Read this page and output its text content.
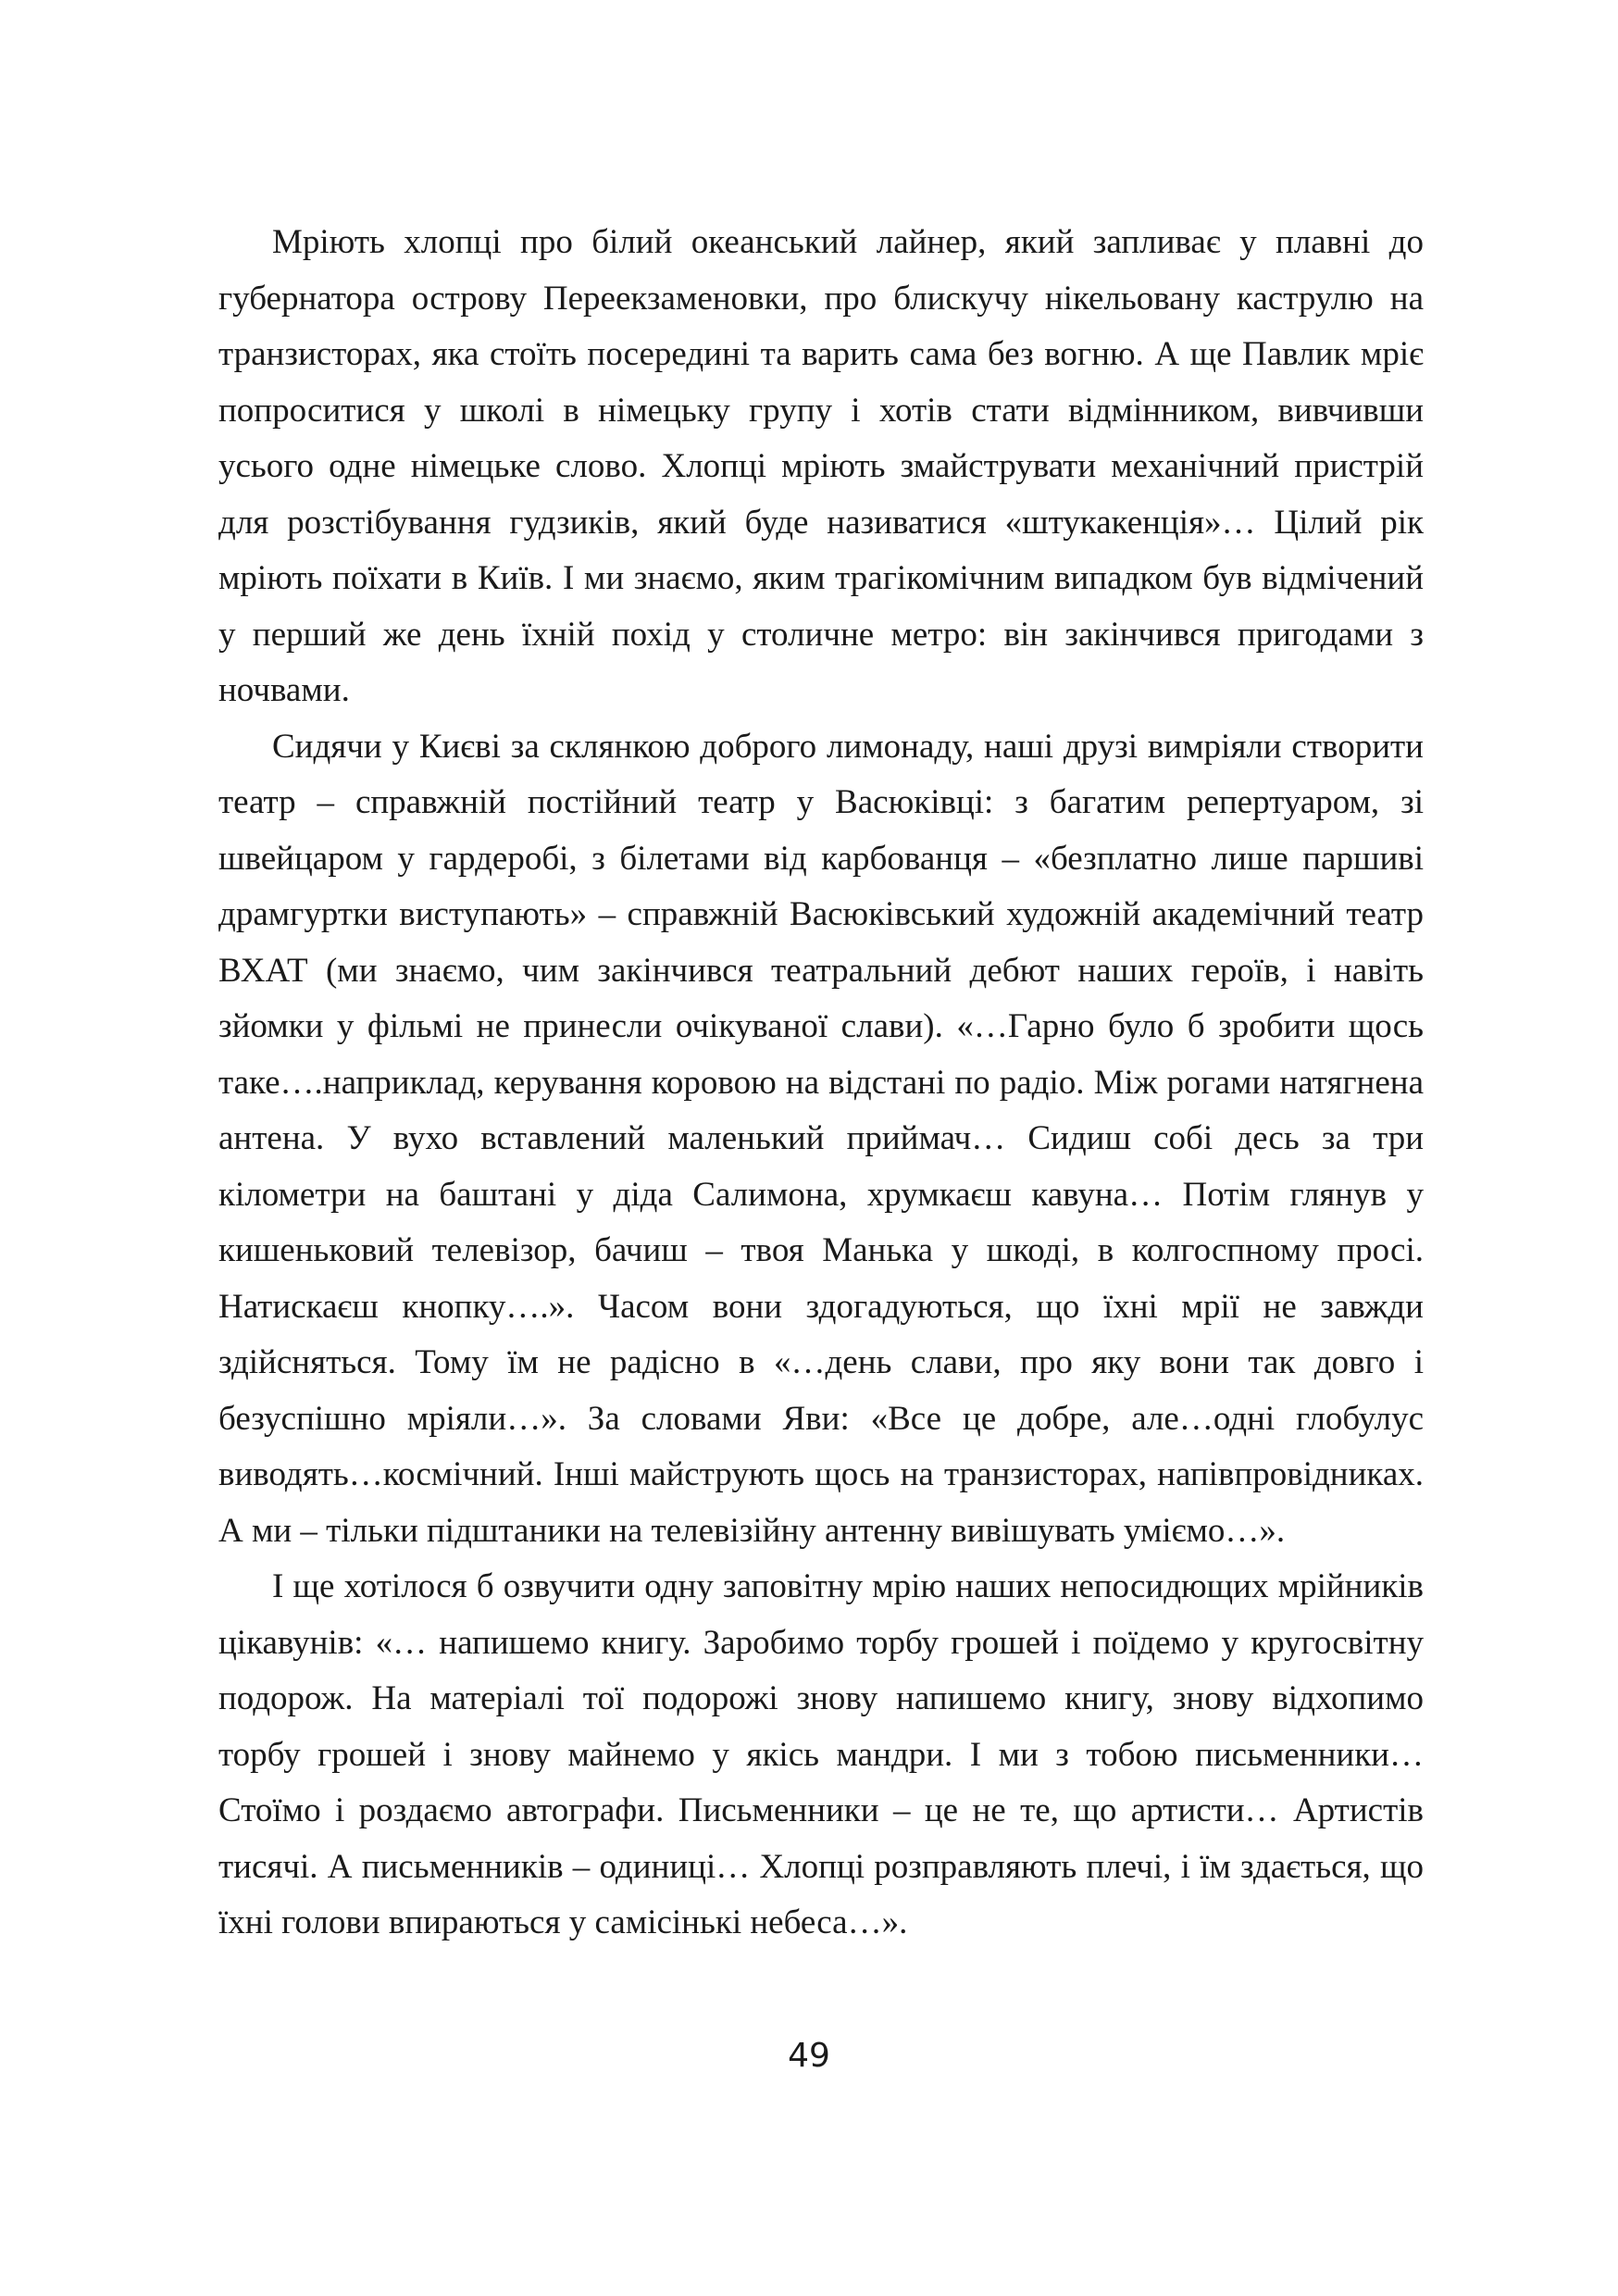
Мріють хлопці про білий океанський лайнер, який запливає у плавні до губернатора острову Переекзаменовки, про блискучу нікельовану каструлю на транзисторах, яка стоїть посередині та варить сама без вогню. А ще Павлик мріє попроситися у школі в німецьку групу і хотів стати відмінником, вивчивши усього одне німецьке слово. Хлопці мріють змайструвати механічний пристрій для розстібування гудзиків, який буде називатися «штукакенція»… Цілий рік мріють поїхати в Київ. І ми знаємо, яким трагікомічним випадком був відмічений у перший же день їхній похід у столичне метро: він закінчився пригодами з ночвами.

Сидячи у Києві за склянкою доброго лимонаду, наші друзі вимріяли створити театр – справжній постійний театр у Васюківці: з багатим репертуаром, зі швейцаром у гардеробі, з білетами від карбованця – «безплатно лише паршиві драмгуртки виступають» – справжній Васюківський художній академічний театр ВХАТ (ми знаємо, чим закінчився театральний дебют наших героїв, і навіть зйомки у фільмі не принесли очікуваної слави). «…Гарно було б зробити щось таке….наприклад, керування коровою на відстані по радіо. Між рогами натягнена антена. У вухо вставлений маленький приймач… Сидиш собі десь за три кілометри на баштані у діда Салимона, хрумкаєш кавуна… Потім глянув у кишеньковий телевізор, бачиш – твоя Манька у шкоді, в колгоспному просі. Натискаєш кнопку….». Часом вони здогадуються, що їхні мрії не завжди здійсняться. Тому їм не радісно в «…день слави, про яку вони так довго і безуспішно мріяли…». За словами Яви: «Все це добре, але…одні глобулус виводять…космічний. Інші майструють щось на транзисторах, напівпровідниках. А ми – тільки підштаники на телевізійну антенну вивішувать уміємо…».

І ще хотілося б озвучити одну заповітну мрію наших непосидющих мрійників цікавунів: «… напишемо книгу. Заробимо торбу грошей і поїдемо у кругосвітну подорож. На матеріалі тої подорожі знову напишемо книгу, знову відхопимо торбу грошей і знову майнемо у якісь мандри. І ми з тобою письменники… Стоїмо і роздаємо автографи. Письменники – це не те, що артисти… Артистів тисячі. А письменників – одиниці… Хлопці розправляють плечі, і їм здається, що їхні голови впираються у самісінькі небеса…».

49
